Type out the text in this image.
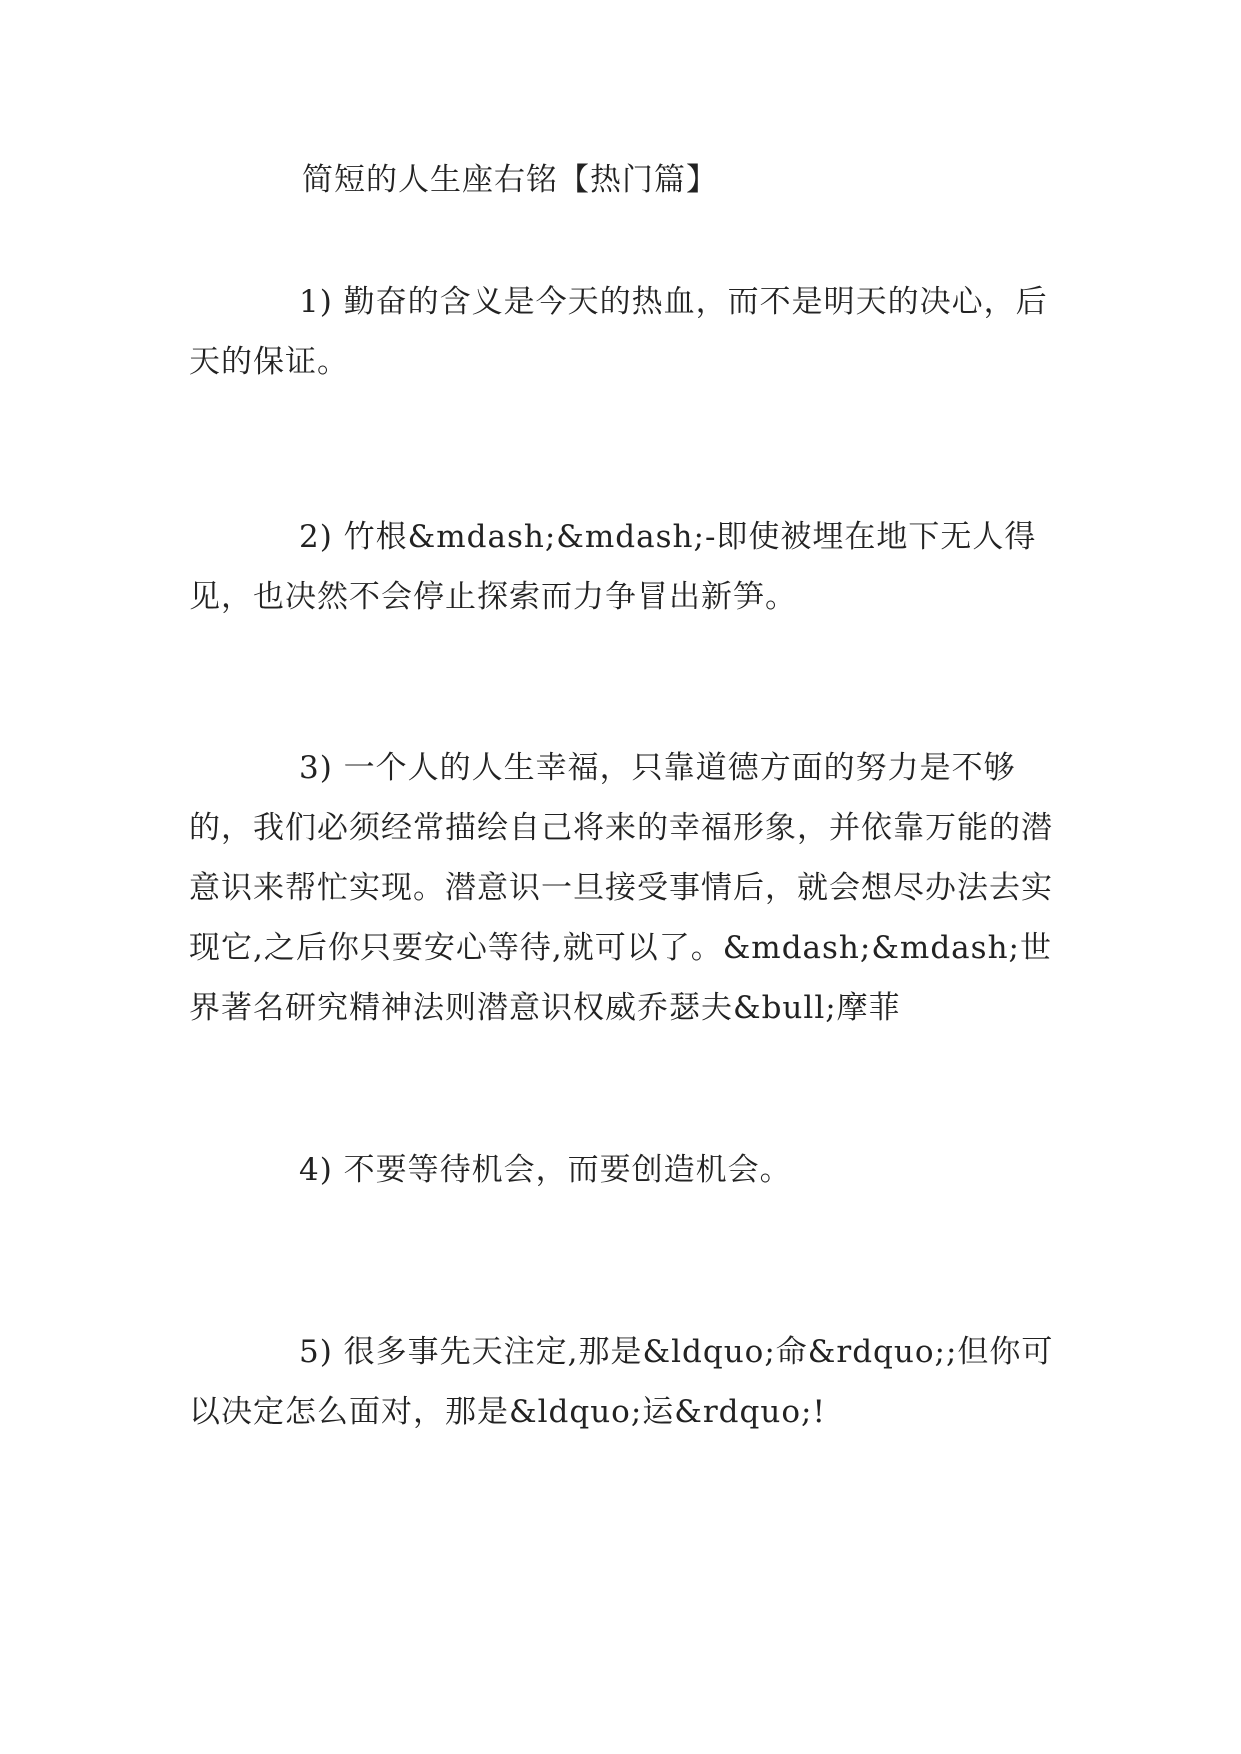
简短的人生座右铭【热门篇】
1) 勤奋的含义是今天的热血，而不是明天的决心，后天的保证。
2) 竹根&mdash;&mdash;-即使被埋在地下无人得见，也决然不会停止探索而力争冒出新笋。
3) 一个人的人生幸福，只靠道德方面的努力是不够的，我们必须经常描绘自己将来的幸福形象，并依靠万能的潜意识来帮忙实现。潜意识一旦接受事情后，就会想尽办法去实现它,之后你只要安心等待,就可以了。&mdash;&mdash;世界著名研究精神法则潜意识权威乔瑟夫&bull;摩菲
4) 不要等待机会，而要创造机会。
5) 很多事先天注定,那是&ldquo;命&rdquo;;但你可以决定怎么面对，那是&ldquo;运&rdquo;!
